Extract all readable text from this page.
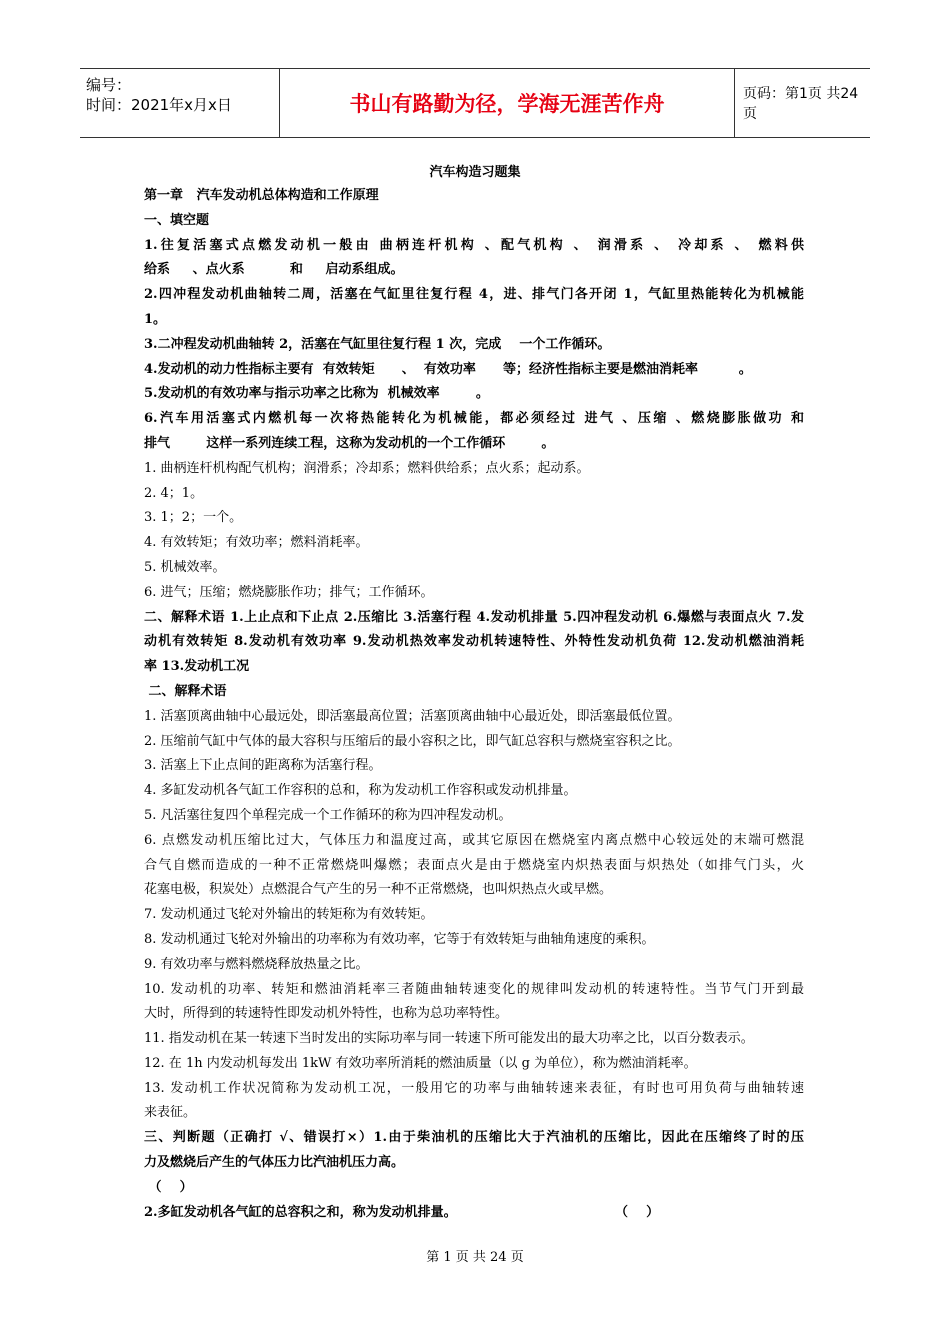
编号：
时间：2021年x月x日	书山有路勤为径，学海无涯苦作舟	页码：第1页 共24页
汽车构造习题集
第一章   汽车发动机总体构造和工作原理
一、填空题
1.往复活塞式点燃发动机一般由 曲柄连杆机构 、配气机构 、 润滑系 、 冷却系 、 燃料供
给系     、点火系          和     启动系组成。
2.四冲程发动机曲轴转二周，活塞在气缸里往复行程 4，进、排气门各开闭 1，气缸里热能转化为机械能
1。
3.二冲程发动机曲轴转 2，活塞在气缸里往复行程 1 次，完成    一个工作循环。
4.发动机的动力性指标主要有  有效转矩      、  有效功率      等；经济性指标主要是燃油消耗率         。
5.发动机的有效功率与指示功率之比称为  机械效率        。
6.汽车用活塞式内燃机每一次将热能转化为机械能，都必须经过 进气 、压缩 、燃烧膨胀做功 和
排气        这样一系列连续工程，这称为发动机的一个工作循环        。
1. 曲柄连杆机构配气机构；润滑系；冷却系；燃料供给系；点火系；起动系。
2. 4；1。
3. 1；2；一个。
4. 有效转矩；有效功率；燃料消耗率。
5. 机械效率。
6. 进气；压缩；燃烧膨胀作功；排气；工作循环。
二、解释术语 1.上止点和下止点 2.压缩比 3.活塞行程 4.发动机排量 5.四冲程发动机 6.爆燃与表面点火 7.发
动机有效转矩 8.发动机有效功率 9.发动机热效率发动机转速特性、外特性发动机负荷 12.发动机燃油消耗
率 13.发动机工况
二、解释术语
1. 活塞顶离曲轴中心最远处，即活塞最高位置；活塞顶离曲轴中心最近处，即活塞最低位置。
2. 压缩前气缸中气体的最大容积与压缩后的最小容积之比，即气缸总容积与燃烧室容积之比。
3. 活塞上下止点间的距离称为活塞行程。
4. 多缸发动机各气缸工作容积的总和，称为发动机工作容积或发动机排量。
5. 凡活塞往复四个单程完成一个工作循环的称为四冲程发动机。
6. 点燃发动机压缩比过大，气体压力和温度过高，或其它原因在燃烧室内离点燃中心较远处的末端可燃混
合气自燃而造成的一种不正常燃烧叫爆燃；表面点火是由于燃烧室内炽热表面与炽热处（如排气门头，火
花塞电极，积炭处）点燃混合气产生的另一种不正常燃烧，也叫炽热点火或早燃。
7. 发动机通过飞轮对外输出的转矩称为有效转矩。
8. 发动机通过飞轮对外输出的功率称为有效功率，它等于有效转矩与曲轴角速度的乘积。
9. 有效功率与燃料燃烧释放热量之比。
10. 发动机的功率、转矩和燃油消耗率三者随曲轴转速变化的规律叫发动机的转速特性。当节气门开到最
大时，所得到的转速特性即发动机外特性，也称为总功率特性。
11. 指发动机在某一转速下当时发出的实际功率与同一转速下所可能发出的最大功率之比，以百分数表示。
12. 在 1h 内发动机每发出 1kW 有效功率所消耗的燃油质量（以 g 为单位），称为燃油消耗率。
13. 发动机工作状况简称为发动机工况，一般用它的功率与曲轴转速来表征，有时也可用负荷与曲轴转速
来表征。
三、判断题（正确打 √、错误打×）1.由于柴油机的压缩比大于汽油机的压缩比，因此在压缩终了时的压
力及燃烧后产生的气体压力比汽油机压力高。
（    ）
2.多缸发动机各气缸的总容积之和，称为发动机排量。                                   （    ）
第 1 页 共 24 页
